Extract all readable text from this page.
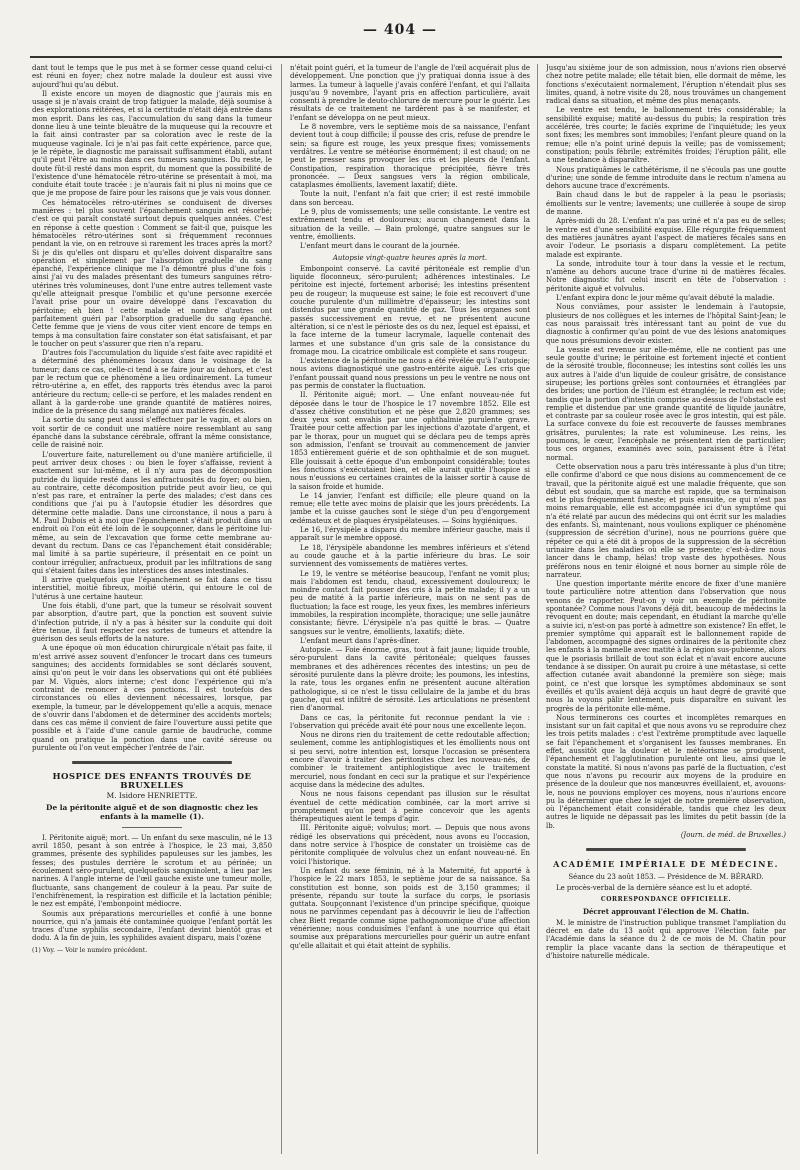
— 404 —

dant tout le temps que le pus met à se former cesse quand celui-ci est réuni en foyer; chez notre malade la douleur est aussi vive aujourd'hui qu'au début.

Il existe encore un moyen de diagnostic que j'aurais mis en usage si je n'avais craint de trop fatiguer la malade, déjà soumise à des explorations réitérées, et si la certitude n'était déjà entrée dans mon esprit. Dans les cas, l'accumulation du sang dans la tumeur donne lieu à une teinte bleuâtre de la muqueuse qui la recouvre et la fait ainsi contraster par sa coloration avec le reste de la muqueuse vaginale. Ici je n'ai pas fait cette expérience, parce que, je le répète, le diagnostic me paraissait suffisamment établi, autant qu'il peut l'être au moins dans ces tumeurs sanguines. Du reste, le doute fût-il resté dans mon esprit, du moment que la possibilité de l'existence d'une hématocèle rétro-utérine se présentait à moi, ma conduite était toute tracée : je n'aurais fait ni plus ni moins que ce que je me propose de faire pour les raisons que je vais vous donner.

Ces hématocèles rétro-utérines se conduisent de diverses manières : tel plus souvent l'épanchement sanguin est résorbé; c'est ce qui paraît constaté surtout depuis quelques années. C'est en réponse à cette question : Comment se fait-il que, puisque les hématocèles rétro-utérines sont si fréquemment reconnues pendant la vie, on en retrouve si rarement les traces après la mort? Si je dis qu'elles ont disparu et qu'elles doivent disparaître sans opération et simplement par l'absorption graduelle du sang épanché, l'expérience clinique me l'a démontré plus d'une fois : ainsi j'ai vu des malades présentant des tumeurs sanguines rétro-utérines très volumineuses, dont l'une entre autres tellement vaste qu'elle atteignait presque l'ombilic et qu'une personne exercée l'avait prise pour un ovaire développé dans l'excavation du péritoine; eh bien ! cette malade et nombre d'autres ont parfaitement guéri par l'absorption graduelle du sang épanché. Cette femme que je viens de vous citer vient encore de temps en temps à ma consultation faire constater son état satisfaisant, et par le toucher on peut s'assurer que rien n'a reparu.

D'autres fois l'accumulation du liquide s'est faite avec rapidité et a déterminé des phénomènes locaux dans le voisinage de la tumeur; dans ce cas, celle-ci tend à se faire jour au dehors, et c'est par le rectum que ce phénomène a lieu ordinairement. La tumeur rétro-utérine a, en effet, des rapports très étendus avec la paroi antérieure du rectum; celle-ci se perfore, et les malades rendent en allant à la garde-robe une grande quantité de matières noires, indice de la présence du sang mélangé aux matières fécales.

La sortie du sang peut aussi s'effectuer par le vagin, et alors on voit sortir de ce conduit une matière noire ressemblant au sang épanché dans la substance cérébrale, offrant la même consistance, celle de raisiné noir.

L'ouverture faite, naturellement ou d'une manière artificielle, il peut arriver deux choses : ou bien le foyer s'affaisse, revient à exactement sur lui-même, et il n'y aura pas de décomposition putride du liquide resté dans les anfractuosités du foyer; ou bien, au contraire, cette décomposition putride peut avoir lieu, ce qui n'est pas rare, et entraîner la perte des malades; c'est dans ces conditions que j'ai pu à l'autopsie étudier les désordres que détermine cette maladie. Dans une circonstance, il nous a paru à M. Paul Dubois et à moi que l'épanchement s'était produit dans un endroit où l'on eût été loin de le soupçonner, dans le péritoine lui-même, au sein de l'excavation que forme cette membrane au-devant du rectum. Dans ce cas l'épanchement était considérable; mal limité à sa partie supérieure, il présentait en ce point un contour irrégulier, anfractueux, produit par les infiltrations de sang qui s'étaient faites dans les interstices des anses intestinales.

Il arrive quelquefois que l'épanchement se fait dans ce tissu interstitiel, moitié fibreux, moitié utérin, qui entoure le col de l'utérus à une certaine hauteur.

Une fois établi, d'une part, que la tumeur se résolvait souvent par absorption, d'autre part, que la ponction est souvent suivie d'infection putride, il n'y a pas à hésiter sur la conduite qui doit être tenue, il faut respecter ces sortes de tumeurs et attendre la guérison des seuls efforts de la nature.

A une époque où mon éducation chirurgicale n'était pas faite, il m'est arrivé assez souvent d'enfoncer le trocart dans ces tumeurs sanguines; des accidents formidables se sont déclarés souvent, ainsi qu'on peut le voir dans les observations qui ont été publiées par M. Viguès, alors interne; c'est donc l'expérience qui m'a contraint de renoncer à ces ponctions. Il est toutefois des circonstances où elles deviennent nécessaires, lorsque, par exemple, la tumeur, par le développement qu'elle a acquis, menace de s'ouvrir dans l'abdomen et de déterminer des accidents mortels; dans ces cas même il convient de faire l'ouverture aussi petite que possible et à l'aide d'une canule garnie de baudruche, comme quand on pratique la ponction dans une cavité séreuse ou purulente où l'on veut empêcher l'entrée de l'air.

HOSPICE DES ENFANTS TROUVÉS DE BRUXELLES
M. Isidore HENRIETTE.
De la péritonite aiguë et de son diagnostic chez les enfants à la mamelle (1).

I. Péritonite aiguë; mort. — Un enfant du sexe masculin, né le 13 avril 1850, pesant à son entrée à l'hospice, le 23 mai, 3,850 grammes, présente des syphilides papuleuses sur les jambes, les fesses; des pustules derrière le scrotum et au périnée; un écoulement séro-purulent, quelquefois sanguinolent, a lieu par les narines. A l'angle interne de l'œil gauche existe une tumeur molle, fluctuante, sans changement de couleur à la peau. Par suite de l'enchifrènement, la respiration est difficile et la lactation pénible; le nez est empâté, l'embonpoint médiocre.

Soumis aux préparations mercurielles et confié à une bonne nourrice, qui n'a jamais été contaminée quoique l'enfant portât les traces d'une syphilis secondaire, l'enfant devint bientôt gras et dodu. A la fin de juin, les syphilides avaient disparu, mais l'ozène

(1) Voy. — Voir le numéro précédent.

n'était point guéri, et la tumeur de l'angle de l'œil acquérait plus de développement. Une ponction que j'y pratiquai donna issue à des larmes. La tumeur à laquelle j'avais conféré l'enfant, et qui l'allaita jusqu'au 9 novembre, l'ayant pris en affection particulière, avait consenti à prendre le deuto-chlorure de mercure pour le guérir. Les résultats de ce traitement ne tardèrent pas à se manifester, et l'enfant se développa on ne peut mieux.

Le 8 novembre, vers le septième mois de sa naissance, l'enfant devient tout à coup difficile; il pousse des cris, refuse de prendre le sein; sa figure est rouge, les yeux presque fixes; vomissements verdâtres. Le ventre se météorise énormément; il est chaud; on ne peut le presser sans provoquer les cris et les pleurs de l'enfant. Constipation, respiration thoracique précipitée, fièvre très prononcée. — Deux sangsues vers la région ombilicale, cataplasmes émollients, lavement laxatif; diète.

Toute la nuit, l'enfant n'a fait que crier; il est resté immobile dans son berceau.

Le 9, plus de vomissements; une selle consistante. Le ventre est extrêmement tendu et douloureux; aucun changement dans la situation de la veille. — Bain prolongé, quatre sangsues sur le ventre, émollients.

L'enfant meurt dans le courant de la journée.

Autopsie vingt-quatre heures après la mort.

Embonpoint conservé. La cavité péritonéale est remplie d'un liquide floconneux, séro-purulent; adhérences intestinales. Le péritoine est injecté, fortement arborisé; les intestins présentent peu de rougeur; la muqueuse est saine; le foie est recouvert d'une couche purulente d'un millimètre d'épaisseur; les intestins sont distendus par une grande quantité de gaz. Tous les organes sont passés successivement en revue, et ne présentent aucune altération, si ce n'est le périoste des os du nez, lequel est épaissi, et la face interne de la tumeur lacrymale, laquelle contenait des larmes et une substance d'un gris sale de la consistance du fromage mou. La cicatrice ombilicale est complète et sans rougeur.

L'existence de la péritonite ne nous a été révélée qu'à l'autopsie; nous avions diagnostiqué une gastro-entérite aiguë. Les cris que l'enfant poussait quand nous pressions un peu le ventre ne nous ont pas permis de constater la fluctuation.

II. Péritonite aiguë; mort. — Une enfant nouveau-née fut déposée dans le tour de l'hospice le 17 novembre 1852. Elle est d'assez chétive constitution et ne pèse que 2,820 grammes; ses deux yeux sont envahis par une ophthalmie purulente grave. Traitée pour cette affection par les injections d'azotate d'argent, et par le thorax, pour un muguet qui se déclara peu de temps après son admission, l'enfant se trouvait au commencement de janvier 1853 entièrement guérie et de son ophthalmie et de son muguet. Elle jouissait à cette époque d'un embonpoint considérable; toutes les fonctions s'exécutaient bien, et elle aurait quitté l'hospice si nous n'eussions eu certaines craintes de la laisser sortir à cause de la saison froide et humide.

Le 14 janvier, l'enfant est difficile; elle pleure quand on la remue; elle tette avec moins de plaisir que les jours précédents. La jambe et la cuisse gauches sont le siège d'un peu d'engorgement œdémateux et de plaques érysipélateuses. — Soins hygiéniques.

Le 16, l'érysipèle a disparu du membre inférieur gauche, mais il apparaît sur le membre opposé.

Le 18, l'érysipèle abandonne les membres inférieurs et s'étend au coude gauche et à la partie inférieure du bras. Le soir surviennent des vomissements de matières vertes.

Le 19, le ventre se météorise beaucoup, l'enfant ne vomit plus; mais l'abdomen est tendu, chaud, excessivement douloureux; le moindre contact fait pousser des cris à la petite malade; il y a un peu de matité à la partie inférieure, mais on ne sent pas de fluctuation; la face est rouge, les yeux fixes, les membres inférieurs immobiles, la respiration incomplète, thoracique; une selle jaunâtre consistante; fièvre. L'érysipèle n'a pas quitté le bras. — Quatre sangsues sur le ventre, émollients, laxatifs; diète.

L'enfant meurt dans l'après-dîner.

Autopsie. — Foie énorme, gras, tout à fait jaune; liquide trouble, séro-purulent dans la cavité péritonéale; quelques fausses membranes et des adhérences récentes des intestins; un peu de sérosité purulente dans la plèvre droite; les poumons, les intestins, la rate, tous les organes enfin ne présentent aucune altération pathologique, si ce n'est le tissu cellulaire de la jambe et du bras gauche, qui est infiltré de sérosité. Les articulations ne présentent rien d'anormal.

Dans ce cas, la péritonite fut reconnue pendant la vie : l'observation qui précède avait été pour nous une excellente leçon.

Nous ne dirons rien du traitement de cette redoutable affection; seulement, comme les antiphlogistiques et les émollients nous ont si peu servi, notre intention est, lorsque l'occasion se présentera encore d'avoir à traiter des péritonites chez les nouveau-nés, de combiner le traitement antiphlogistique avec le traitement mercuriel, nous fondant en ceci sur la pratique et sur l'expérience acquise dans la médecine des adultes.

Nous ne nous faisons cependant pas illusion sur le résultat éventuel de cette médication combinée, car la mort arrive si promptement qu'on peut à peine concevoir que les agents thérapeutiques aient le temps d'agir.

III. Péritonite aiguë; volvulus; mort. — Depuis que nous avons rédigé les observations qui précèdent, nous avons eu l'occasion, dans notre service à l'hospice de constater un troisième cas de péritonite compliquée de volvulus chez un enfant nouveau-né. En voici l'historique.

Un enfant du sexe féminin, né à la Maternité, fut apporté à l'hospice le 22 mars 1853, le septième jour de sa naissance. Sa constitution est bonne, son poids est de 3,150 grammes; il présente, répandu sur toute la surface du corps, le psoriasis guttata. Soupçonnant l'existence d'un principe spécifique, quoique nous ne parvînmes cependant pas à découvrir le lieu de l'affection chez Biett regarde comme signe pathognomonique d'une affection vénérienne; nous conduisîmes l'enfant à une nourrice qui était soumise aux préparations mercurielles pour guérir un autre enfant qu'elle allaitait et qui était atteint de syphilis.

Jusqu'au sixième jour de son admission, nous n'avions rien observé chez notre petite malade; elle tétait bien, elle dormait de même, les fonctions s'exécutaient normalement, l'éruption n'étendait plus ses limites, quand, à notre visite du 28, nous trouvâmes un changement radical dans sa situation, et même des plus menaçants.

Le ventre est tendu, le ballonnement très considérable; la sensibilité exquise; matité au-dessus du pubis; la respiration très accélérée, très courte; le faciès exprime de l'inquiétude; les yeux sont fixes; les membres sont immobiles; l'enfant pleure quand on la remue; elle n'a point uriné depuis la veille; pas de vomissement; constipation; pouls fébrile; extrémités froides; l'éruption pâlit, elle a une tendance à disparaître.

Nous pratiquâmes le cathétérisme, il ne s'écoula pas une goutte d'urine; une sonde de femme introduite dans le rectum n'amena au dehors aucune trace d'excréments.

Bain chaud dans le but de rappeler à la peau le psoriasis; émollients sur le ventre; lavements; une cuillerée à soupe de sirop de manne.

Après-midi du 28. L'enfant n'a pas uriné et n'a pas eu de selles; le ventre est d'une sensibilité exquise. Elle régurgite fréquemment des matières jaunâtres ayant l'aspect de matières fécales sans en avoir l'odeur. Le psoriasis a disparu complètement. La petite malade est expirante.

La sonde, introduite tour à tour dans la vessie et le rectum, n'amène au dehors aucune trace d'urine ni de matières fécales. Notre diagnostic fut celui inscrit en tête de l'observation : péritonite aiguë et volvulus.

L'enfant expira donc le jour même qu'avait débuté la maladie.

Nous conviâmes, pour assister le lendemain à l'autopsie, plusieurs de nos collègues et les internes de l'hôpital Saint-Jean; le cas nous paraissait très intéressant tant au point de vue du diagnostic à confirmer qu'au point de vue des lésions anatomiques que nous présumions devoir exister.

La vessie est revenue sur elle-même, elle ne contient pas une seule goutte d'urine; le péritoine est fortement injecté et contient de la sérosité trouble, floconneuse; les intestins sont collés les uns aux autres à l'aide d'un liquide de couleur grisâtre, de consistance sirupeuse; les portions grêles sont contournées et étranglées par des brides; une portion de l'iléum est étranglée; le rectum est vide; tandis que la portion d'intestin comprise au-dessus de l'obstacle est remplie et distendue par une grande quantité de liquide jaunâtre, et contraste par sa couleur rosée avec le gros intestin, qui est pâle. La surface convexe du foie est recouverte de fausses membranes grisâtres, purulentes; la rate est volumineuse. Les reins, les poumons, le cœur, l'encéphale ne présentent rien de particulier; tous ces organes, examinés avec soin, paraissent être à l'état normal.

Cette observation nous a paru très intéressante à plus d'un titre; elle confirme d'abord ce que nous disions au commencement de ce travail, que la péritonite aiguë est une maladie fréquente, que son début est soudain, que sa marche est rapide, que sa terminaison est le plus fréquemment funeste; et puis ensuite, ce qui n'est pas moins remarquable, elle est accompagnée ici d'un symptôme qui n'a été relaté par aucun des médecins qui ont écrit sur les maladies des enfants. Si, maintenant, nous voulions expliquer ce phénomène (suppression de sécrétion d'urine), nous ne pourrions guère que répéter ce qui a été dit à propos de la suppression de la sécrétion urinaire dans les maladies où elle se présente; c'est-à-dire nous lancer dans le champ, hélas! trop vaste des hypothèses. Nous préférons nous en tenir éloigné et nous borner au simple rôle de narrateur.

Une question importante mérite encore de fixer d'une manière toute particulière notre attention dans l'observation que nous venons de rapporter. Peut-on y voir un exemple de péritonite spontanée? Comme nous l'avons déjà dit, beaucoup de médecins la révoquent en doute; mais cependant, en étudiant la marche qu'elle a suivie ici, n'est-on pas porté à admettre son existence? En effet, le premier symptôme qui apparaît est le ballonnement rapide de l'abdomen, accompagné des signes ordinaires de la péritonite chez les enfants à la mamelle avec matité à la région sus-pubienne, alors que le psoriasis brillait de tout son éclat et n'avait encore aucune tendance à se dissiper. On aurait pu croire à une métastase, si cette affection cutanée avait abandonné la première son siège; mais point, ce n'est que lorsque les symptômes abdominaux se sont éveillés et qu'ils avaient déjà acquis un haut degré de gravité que nous la voyons pâlir lentement, puis disparaître en suivant les progrès de la péritonite elle-même.

Nous terminerons ces courtes et incomplètes remarques en insistant sur un fait capital et que nous avons vu se reproduire chez les trois petits malades : c'est l'extrême promptitude avec laquelle se fait l'épanchement et s'organisent les fausses membranes. En effet, aussitôt que la douleur et le météorisme se produisent, l'épanchement et l'agglutination purulente ont lieu, ainsi que le constate la matité. Si nous n'avons pas parlé de la fluctuation, c'est que nous n'avons pu recourir aux moyens de la produire en présence de la douleur que nos manœuvres éveillaient, et, avouons-le, nous ne pouvions employer ces moyens, nous n'aurions encore pu la déterminer que chez le sujet de notre première observation, où l'épanchement était considérable, tandis que chez les deux autres le liquide ne dépassait pas les limites du petit bassin (de la lb.

(Journ. de méd. de Bruxelles.)
ACADÉMIE IMPÉRIALE DE MÉDECINE.
Séance du 23 août 1853. — Présidence de M. BÉRARD.

Le procès-verbal de la dernière séance est lu et adopté.

CORRESPONDANCE OFFICIELLE.
Décret approuvant l'élection de M. Chatin.

M. le ministre de l'instruction publique transmet l'ampliation du décret en date du 13 août qui approuve l'élection faite par l'Académie dans la séance du 2 de ce mois de M. Chatin pour remplir la place vacante dans la section de thérapeutique et d'histoire naturelle médicale.
